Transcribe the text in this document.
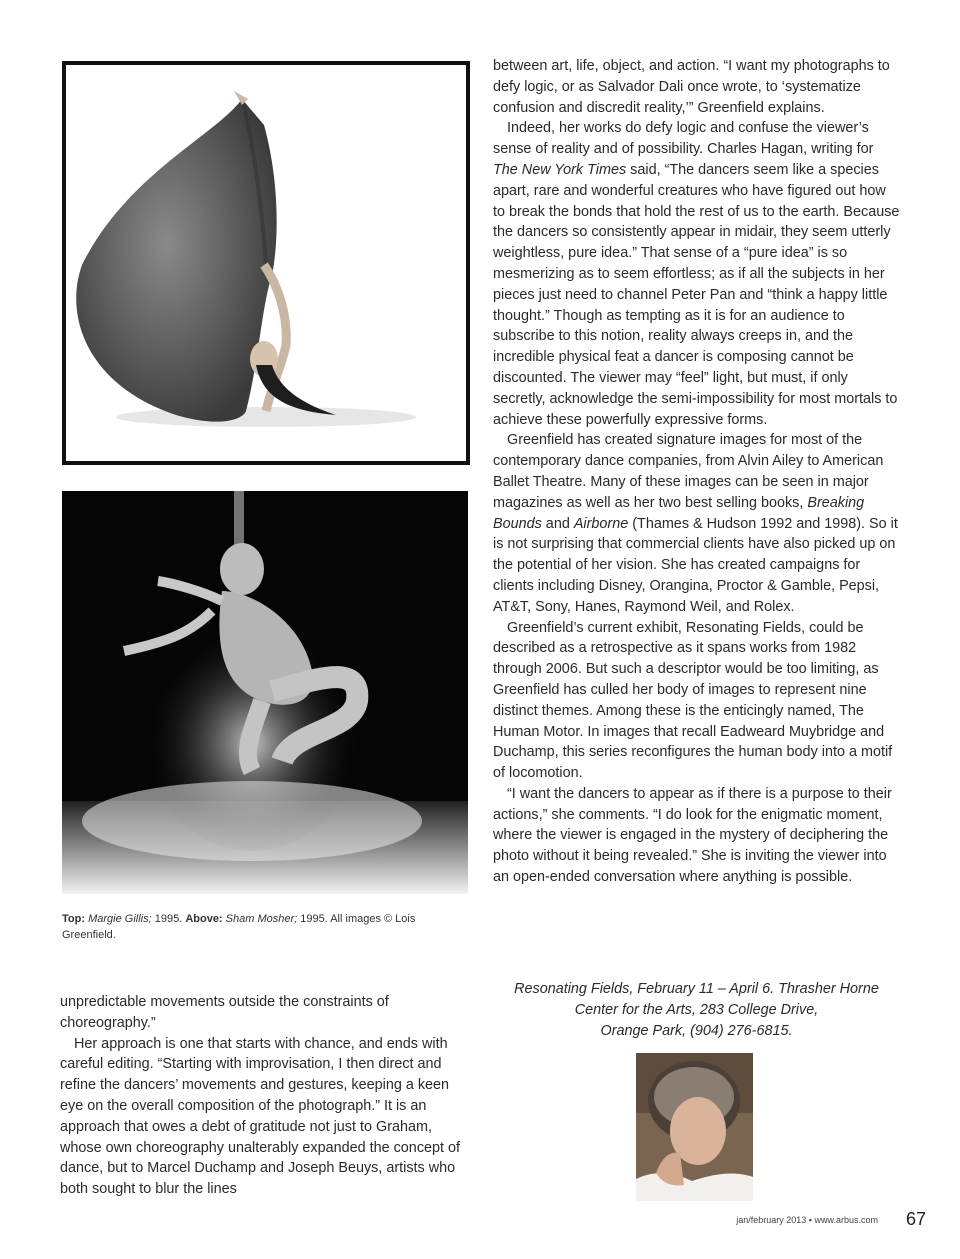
Top: Margie Gillis; 1995. Above: Sham Mosher; 1995. All images © Lois Greenfield.

unpredictable movements outside the constraints of choreography.”

Her approach is one that starts with chance, and ends with careful editing. “Starting with improvisation, I then direct and refine the dancers’ movements and gestures, keeping a keen eye on the overall composition of the photograph.” It is an approach that owes a debt of gratitude not just to Graham, whose own choreography unalterably expanded the concept of dance, but to Marcel Duchamp and Joseph Beuys, artists who both sought to blur the lines

between art, life, object, and action. “I want my photographs to defy logic, or as Salvador Dali once wrote, to ‘systematize confusion and discredit reality,’” Greenfield explains.

Indeed, her works do defy logic and confuse the viewer’s sense of reality and of possibility. Charles Hagan, writing for The New York Times said, “The dancers seem like a species apart, rare and wonderful creatures who have figured out how to break the bonds that hold the rest of us to the earth. Because the dancers so consistently appear in midair, they seem utterly weightless, pure idea.” That sense of a “pure idea” is so mesmerizing as to seem effortless; as if all the subjects in her pieces just need to channel Peter Pan and “think a happy little thought.” Though as tempting as it is for an audience to subscribe to this notion, reality always creeps in, and the incredible physical feat a dancer is composing cannot be discounted. The viewer may “feel” light, but must, if only secretly, acknowledge the semi-impossibility for most mortals to achieve these powerfully expressive forms.

Greenfield has created signature images for most of the contemporary dance companies, from Alvin Ailey to American Ballet Theatre. Many of these images can be seen in major magazines as well as her two best selling books, Breaking Bounds and Airborne (Thames & Hudson 1992 and 1998). So it is not surprising that commercial clients have also picked up on the potential of her vision. She has created campaigns for clients including Disney, Orangina, Proctor & Gamble, Pepsi, AT&T, Sony, Hanes, Raymond Weil, and Rolex.

Greenfield’s current exhibit, Resonating Fields, could be described as a retrospective as it spans works from 1982 through 2006. But such a descriptor would be too limiting, as Greenfield has culled her body of images to represent nine distinct themes. Among these is the enticingly named, The Human Motor. In images that recall Eadweard Muybridge and Duchamp, this series reconfigures the human body into a motif of locomotion.

“I want the dancers to appear as if there is a purpose to their actions,” she comments. “I do look for the enigmatic moment, where the viewer is engaged in the mystery of deciphering the photo without it being revealed.” She is inviting the viewer into an open-ended conversation where anything is possible.

Resonating Fields, February 11 – April 6. Thrasher Horne
Center for the Arts, 283 College Drive,
Orange Park, (904) 276-6815.
jan/february 2013 ▪ www.arbus.com 67
